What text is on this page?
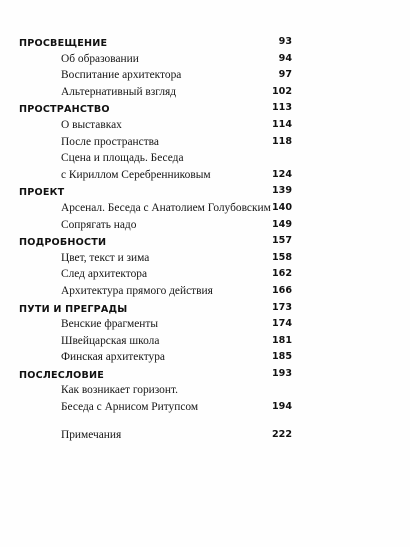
ПРОСВЕЩЕНИЕ	93
Об образовании	94
Воспитание архитектора	97
Альтернативный взгляд	102
ПРОСТРАНСТВО	113
О выставках	114
После пространства	118
Сцена и площадь. Беседа
с Кириллом Серебренниковым	124
ПРОЕКТ	139
Арсенал. Беседа с Анатолием Голубовским 140
Сопрягать надо	149
ПОДРОБНОСТИ	157
Цвет, текст и зима	158
След архитектора	162
Архитектура прямого действия	166
ПУТИ И ПРЕГРАДЫ	173
Венские фрагменты	174
Швейцарская школа	181
Финская архитектура	185
ПОСЛЕСЛОВИЕ	193
Как возникает горизонт.
Беседа с Арнисом Ритупсом	194
Примечания	222
